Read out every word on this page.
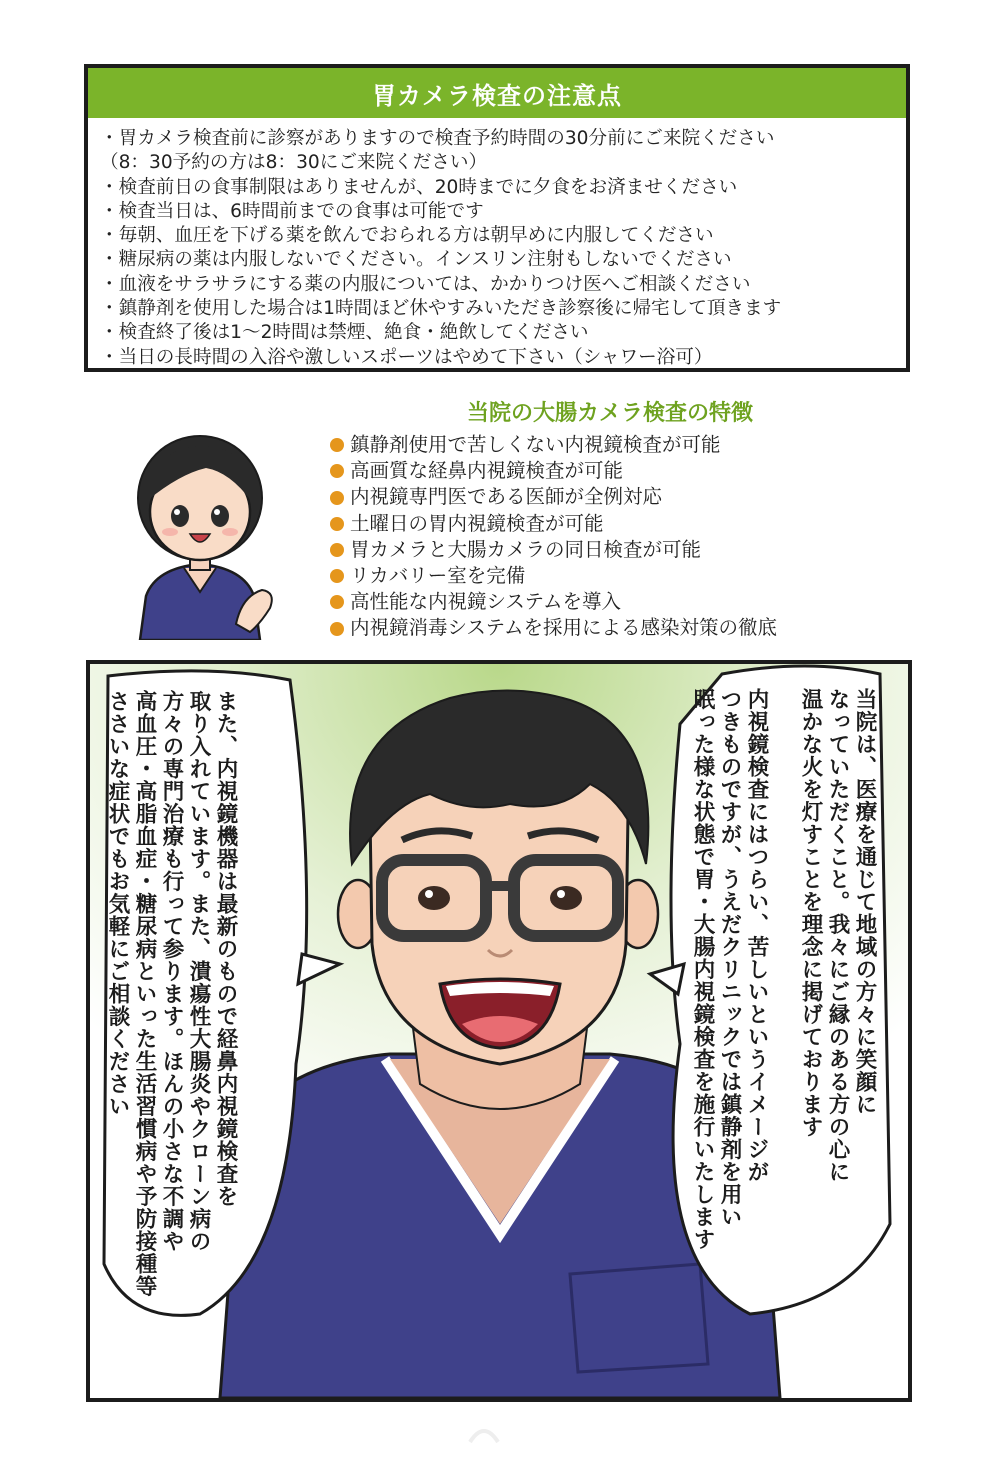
胃カメラ検査の注意点
・胃カメラ検査前に診察がありますので検査予約時間の30分前にご来院ください
（8：30予約の方は8：30にご来院ください）
・検査前日の食事制限はありませんが、20時までに夕食をお済ませください
・検査当日は、6時間前までの食事は可能です
・毎朝、血圧を下げる薬を飲んでおられる方は朝早めに内服してください
・糖尿病の薬は内服しないでください。インスリン注射もしないでください
・血液をサラサラにする薬の内服については、かかりつけ医へご相談ください
・鎮静剤を使用した場合は1時間ほど休やすみいただき診察後に帰宅して頂きます
・検査終了後は1～2時間は禁煙、絶食・絶飲してください
・当日の長時間の入浴や激しいスポーツはやめて下さい（シャワー浴可）
当院の大腸カメラ検査の特徴
鎮静剤使用で苦しくない内視鏡検査が可能
高画質な経鼻内視鏡検査が可能
内視鏡専門医である医師が全例対応
土曜日の胃内視鏡検査が可能
胃カメラと大腸カメラの同日検査が可能
リカバリー室を完備
高性能な内視鏡システムを導入
内視鏡消毒システムを採用による感染対策の徹底
当院は、医療を通じて地域の方々に笑顔に
なっていただくこと。我々にご縁のある方の心に
温かな火を灯すことを理念に掲げております

内視鏡検査にはつらい、苦しいというイメージが
つきものですが、うえだクリニックでは鎮静剤を用い
眠った様な状態で胃・大腸内視鏡検査を施行いたします
また、内視鏡機器は最新のもので経鼻内視鏡検査を
取り入れています。また、潰瘍性大腸炎やクローン病の
方々の専門治療も行って参ります。ほんの小さな不調や
高血圧・高脂血症・糖尿病といった生活習慣病や予防接種等
ささいな症状でもお気軽にご相談ください
